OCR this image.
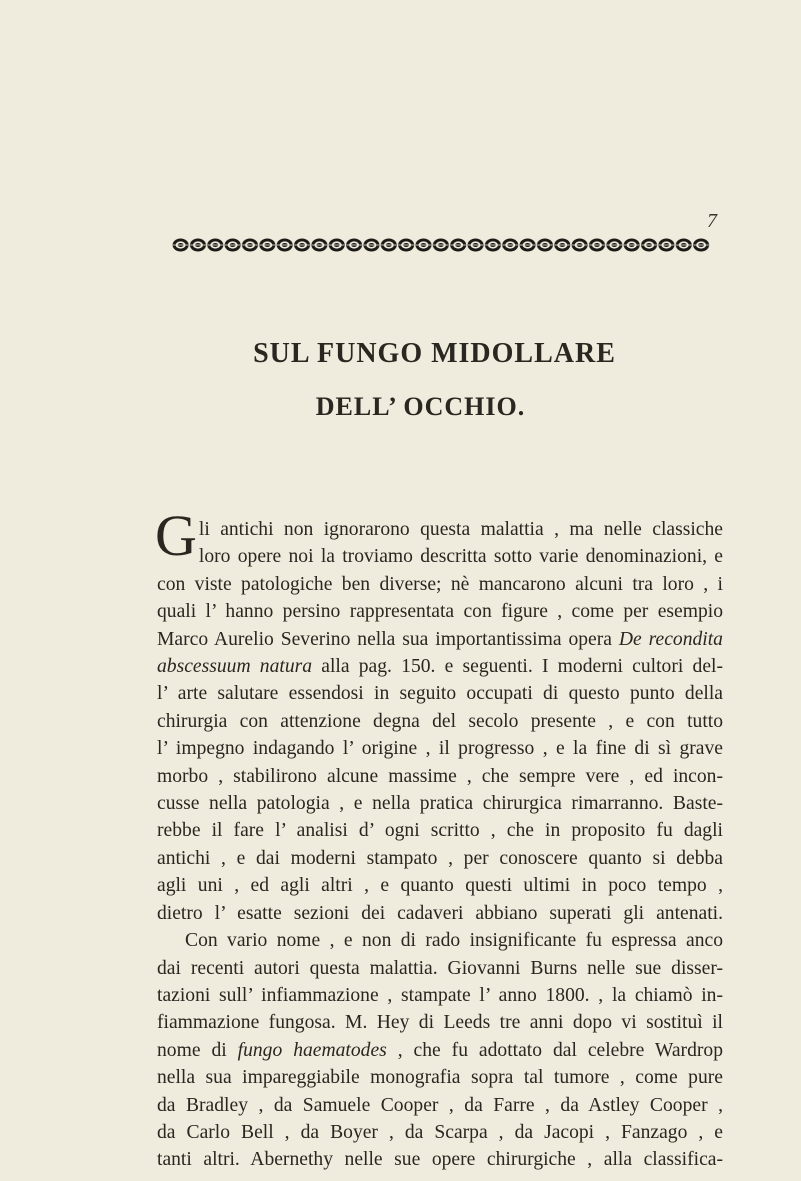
7
SUL FUNGO MIDOLLARE
DELL’ OCCHIO.
G li antichi non ignorarono questa malattia , ma nelle classiche
loro opere noi la troviamo descritta sotto varie denominazioni, e
con viste patologiche ben diverse; nè mancarono alcuni tra loro , i
quali l’ hanno persino rappresentata con figure , come per esempio
Marco Aurelio Severino nella sua importantissima opera De recondita
abscessuum natura alla pag. 150. e seguenti. I moderni cultori del-
l’ arte salutare essendosi in seguito occupati di questo punto della
chirurgia con attenzione degna del secolo presente , e con tutto
l’ impegno indagando l’ origine , il progresso , e la fine di sì grave
morbo , stabilirono alcune massime , che sempre vere , ed incon-
cusse nella patologia , e nella pratica chirurgica rimarranno. Baste-
rebbe il fare l’ analisi d’ ogni scritto , che in proposito fu dagli
antichi , e dai moderni stampato , per conoscere quanto si debba
agli uni , ed agli altri , e quanto questi ultimi in poco tempo ,
dietro l’ esatte sezioni dei cadaveri abbiano superati gli antenati.
Con vario nome , e non di rado insignificante fu espressa anco
dai recenti autori questa malattia. Giovanni Burns nelle sue disser-
tazioni sull’ infiammazione , stampate l’ anno 1800. , la chiamò in-
fiammazione fungosa. M. Hey di Leeds tre anni dopo vi sostituì il
nome di fungo haematodes , che fu adottato dal celebre Wardrop
nella sua impareggiabile monografia sopra tal tumore , come pure
da Bradley , da Samuele Cooper , da Farre , da Astley Cooper ,
da Carlo Bell , da Boyer , da Scarpa , da Jacopi , Fanzago , e
tanti altri. Abernethy nelle sue opere chirurgiche , alla classifica-
